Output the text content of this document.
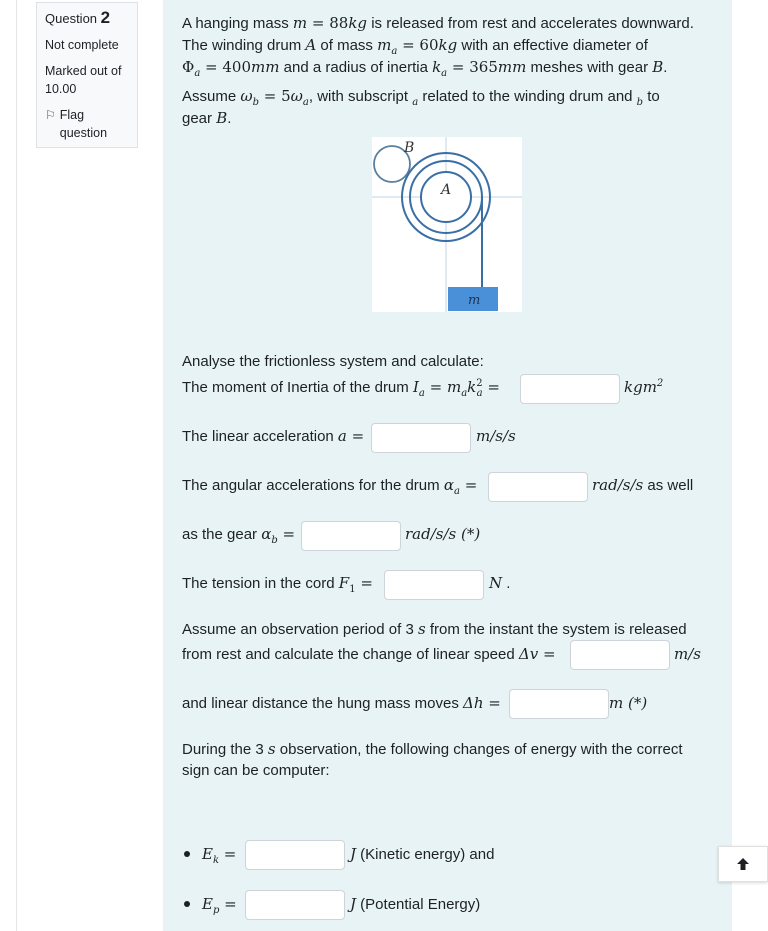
Question 2
Not complete
Marked out of
10.00
⚐ Flag question
A hanging mass m = 88kg is released from rest and accelerates downward.
The winding drum A of mass $m_a = 60kg$ with an effective diameter of
$\Phi_a = 400mm$ and a radius of inertia $k_a = 365mm$ meshes with gear B.
Assume $\omega_b = 5\omega_a$, with subscript $_a$ related to the winding drum and $_b$ to
gear B.
B
A
m
Analyse the frictionless system and calculate:
The moment of Inertia of the drum $I_a = m_ak^2_a$ =	kgm$^2$
The linear acceleration a =	m/s/s
The angular accelerations for the drum $\alpha_a$ =	rad/s/s as well
as the gear $\alpha_b$ =	rad/s/s (*)
The tension in the cord $F_1$ =	N .
Assume an observation period of 3 s from the instant the system is released
from rest and calculate the change of linear speed Δv =	m/s
and linear distance the hung mass moves Δh =	m (*)
During the 3 s observation, the following changes of energy with the correct
sign can be computer:
$E_k$ =	J (Kinetic energy) and
$E_p$ =	J (Potential Energy)
